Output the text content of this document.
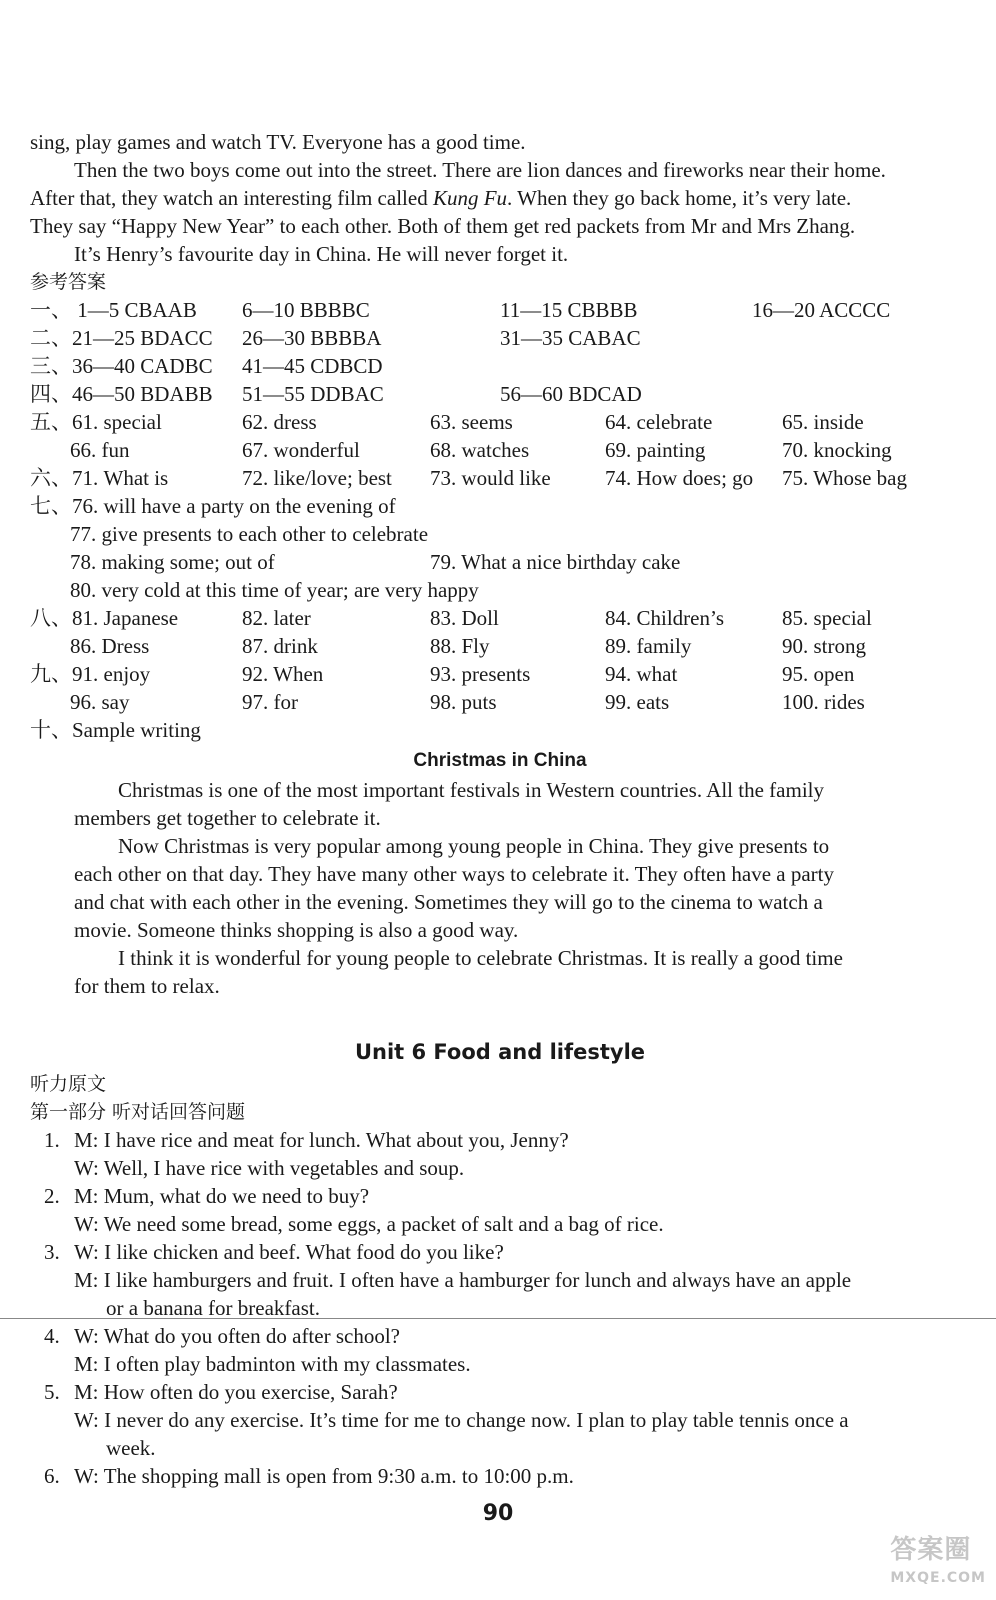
sing, play games and watch TV. Everyone has a good time.
Then the two boys come out into the street. There are lion dances and fireworks near their home.
After that, they watch an interesting film called Kung Fu. When they go back home, it’s very late.
They say “Happy New Year” to each other. Both of them get red packets from Mr and Mrs Zhang.
It’s Henry’s favourite day in China. He will never forget it.
参考答案
一、 1—5 CBAAB 6—10 BBBBC	11—15 CBBBB	16—20 ACCCC
二、21—25 BDACC 26—30 BBBBA	31—35 CABAC
三、36—40 CADBC 41—45 CDBCD
四、46—50 BDABB 51—55 DDBAC	56—60 BDCAD
五、61. special	62. dress	63. seems	64. celebrate	65. inside
66. fun	67. wonderful	68. watches	69. painting	70. knocking
六、71. What is	72. like/love; best 73. would like	74. How does; go 75. Whose bag
七、76. will have a party on the evening of
77. give presents to each other to celebrate
78. making some; out of	79. What a nice birthday cake
80. very cold at this time of year; are very happy
八、81. Japanese	82. later	83. Doll	84. Children’s	85. special
86. Dress	87. drink	88. Fly	89. family	90. strong
九、91. enjoy	92. When	93. presents	94. what	95. open
96. say	97. for	98. puts	99. eats	100. rides
十、Sample writing
Christmas in China
Christmas is one of the most important festivals in Western countries. All the family
members get together to celebrate it.
Now Christmas is very popular among young people in China. They give presents to
each other on that day. They have many other ways to celebrate it. They often have a party
and chat with each other in the evening. Sometimes they will go to the cinema to watch a
movie. Someone thinks shopping is also a good way.
I think it is wonderful for young people to celebrate Christmas. It is really a good time
for them to relax.
Unit 6 Food and lifestyle
听力原文
第一部分 听对话回答问题
1. M: I have rice and meat for lunch. What about you, Jenny?
W: Well, I have rice with vegetables and soup.
2. M: Mum, what do we need to buy?
W: We need some bread, some eggs, a packet of salt and a bag of rice.
3. W: I like chicken and beef. What food do you like?
M: I like hamburgers and fruit. I often have a hamburger for lunch and always have an apple
or a banana for breakfast.
4. W: What do you often do after school?
M: I often play badminton with my classmates.
5. M: How often do you exercise, Sarah?
W: I never do any exercise. It’s time for me to change now. I plan to play table tennis once a
week.
6. W: The shopping mall is open from 9:30 a.m. to 10:00 p.m.
90
答案圈
MXQE.COM
